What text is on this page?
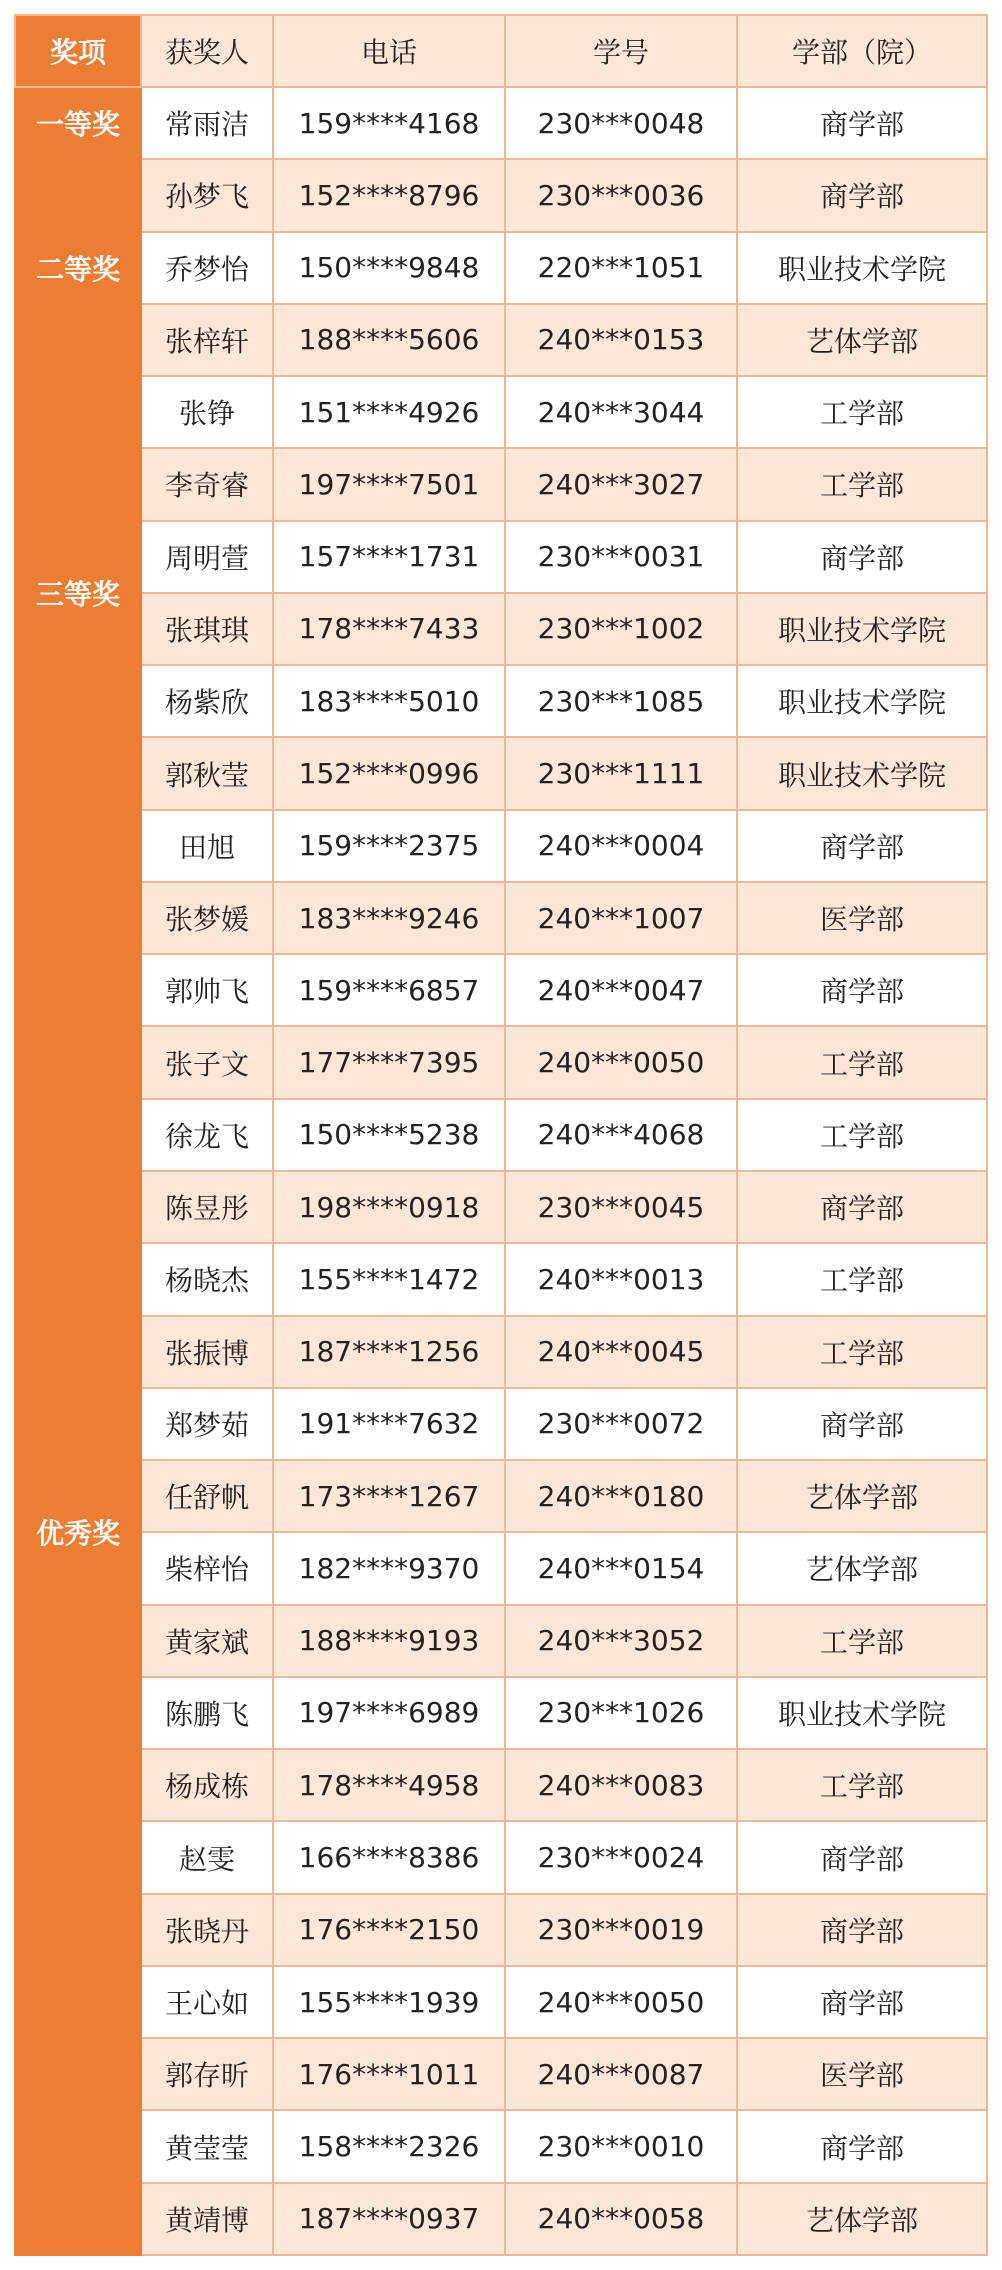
奖项	获奖人	电话	学号	学部（院）
一等奖	常雨洁	159****4168	230***0048	商学部
二等奖	孙梦飞	152****8796	230***0036	商学部
	乔梦怡	150****9848	220***1051	职业技术学院
	张梓轩	188****5606	240***0153	艺体学部
三等奖	张铮	151****4926	240***3044	工学部
	李奇睿	197****7501	240***3027	工学部
	周明萱	157****1731	230***0031	商学部
	张琪琪	178****7433	230***1002	职业技术学院
	杨紫欣	183****5010	230***1085	职业技术学院
	郭秋莹	152****0996	230***1111	职业技术学院
优秀奖	田旭	159****2375	240***0004	商学部
	张梦媛	183****9246	240***1007	医学部
	郭帅飞	159****6857	240***0047	商学部
	张子文	177****7395	240***0050	工学部
	徐龙飞	150****5238	240***4068	工学部
	陈昱彤	198****0918	230***0045	商学部
	杨晓杰	155****1472	240***0013	工学部
	张振博	187****1256	240***0045	工学部
	郑梦茹	191****7632	230***0072	商学部
	任舒帆	173****1267	240***0180	艺体学部
	柴梓怡	182****9370	240***0154	艺体学部
	黄家斌	188****9193	240***3052	工学部
	陈鹏飞	197****6989	230***1026	职业技术学院
	杨成栋	178****4958	240***0083	工学部
	赵雯	166****8386	230***0024	商学部
	张晓丹	176****2150	230***0019	商学部
	王心如	155****1939	240***0050	商学部
	郭存昕	176****1011	240***0087	医学部
	黄莹莹	158****2326	230***0010	商学部
	黄靖博	187****0937	240***0058	艺体学部
